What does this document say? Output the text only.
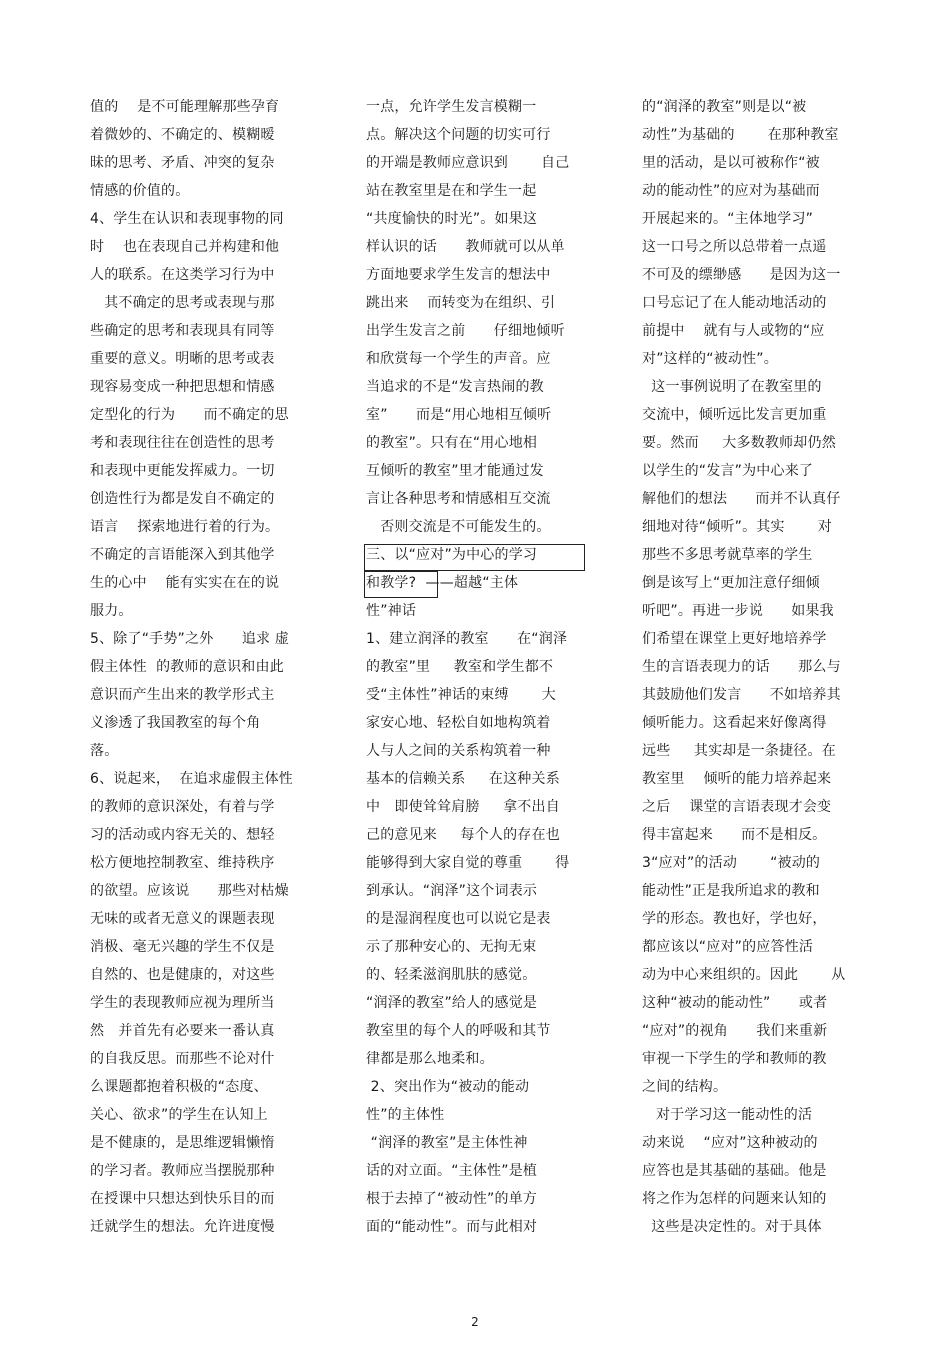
值的　 是不可能理解那些孕育
着微妙的、不确定的、模糊暧
昧的思考、矛盾、冲突的复杂
情感的价值的。
4、学生在认识和表现事物的同
时　 也在表现自己并构建和他
人的联系。在这类学习行为中
　其不确定的思考或表现与那
些确定的思考和表现具有同等
重要的意义。明晰的思考或表
现容易变成一种把思想和情感
定型化的行为　　而不确定的思
考和表现往往在创造性的思考
和表现中更能发挥威力。一切
创造性行为都是发自不确定的
语言　 探索地进行着的行为。
不确定的言语能深入到其他学
生的心中　 能有实实在在的说
服力。
5、除了“手势”之外　　追求 虚
假主体性  的教师的意识和由此
意识而产生出来的教学形式主
义渗透了我国教室的每个角
落。
6、说起来，  在追求虚假主体性
的教师的意识深处，有着与学
习的活动或内容无关的、想轻
松方便地控制教室、维持秩序
的欲望。应该说　　那些对枯燥
无味的或者无意义的课题表现
消极、毫无兴趣的学生不仅是
自然的、也是健康的，对这些
学生的表现教师应视为理所当
然　并首先有必要来一番认真
的自我反思。而那些不论对什
么课题都抱着积极的“态度、
关心、欲求”的学生在认知上
是不健康的，是思维逻辑懒惰
的学习者。教师应当摆脱那种
在授课中只想达到快乐目的而
迁就学生的想法。允许进度慢
一点，允许学生发言模糊一
点。解决这个问题的切实可行
的开端是教师应意识到　　 自己
站在教室里是在和学生一起
“共度愉快的时光”。如果这
样认识的话　　教师就可以从单
方面地要求学生发言的想法中
跳出来　 而转变为在组织、引
出学生发言之前　　仔细地倾听
和欣赏每一个学生的声音。应
当追求的不是“发言热闹的教
室”　　而是“用心地相互倾听
的教室”。只有在“用心地相
互倾听的教室”里才能通过发
言让各种思考和情感相互交流
　否则交流是不可能发生的。
三、以“应对”为中心的学习
和教学?  ——超越“主体
性”神话
1、建立润泽的教室　　在“润泽
的教室”里　  教室和学生都不
受“主体性”神话的束缚　　 大
家安心地、轻松自如地构筑着
人与人之间的关系构筑着一种
基本的信赖关系　  在这种关系
中　即使耸耸肩膀　  拿不出自
己的意见来　  每个人的存在也
能够得到大家自觉的尊重　　 得
到承认。“润泽”这个词表示
的是湿润程度也可以说它是表
示了那种安心的、无拘无束
的、轻柔滋润肌肤的感觉。
“润泽的教室”给人的感觉是
教室里的每个人的呼吸和其节
律都是那么地柔和。
2、突出作为“被动的能动
性”的主体性
“润泽的教室”是主体性神
话的对立面。“主体性”是植
根于去掉了“被动性”的单方
面的“能动性”。而与此相对
的“润泽的教室”则是以“被
动性”为基础的　　 在那种教室
里的活动，是以可被称作“被
动的能动性”的应对为基础而
开展起来的。“主体地学习”
这一口号之所以总带着一点遥
不可及的缥缈感　   是因为这一
口号忘记了在人能动地活动的
前提中　 就有与人或物的“应
对”这样的“被动性”。
这一事例说明了在教室里的
交流中，倾听远比发言更加重
要。然而　  大多数教师却仍然
以学生的“发言”为中心来了
解他们的想法　   而并不认真仔
细地对待“倾听”。其实　　 对
那些不多思考就草率的学生
倒是该写上“更加注意仔细倾
听吧”。再进一步说　   如果我
们希望在课堂上更好地培养学
生的言语表现力的话　　那么与
其鼓励他们发言　　不如培养其
倾听能力。这看起来好像离得
远些　  其实却是一条捷径。在
教室里　 倾听的能力培养起来
之后　 课堂的言语表现才会变
得丰富起来　   而不是相反。
3“应对”的活动　　 “被动的
能动性”正是我所追求的教和
学的形态。教也好，学也好，
都应该以“应对”的应答性活
动为中心来组织的。因此　　 从
这种“被动的能动性”　　或者
“应对”的视角　　我们来重新
审视一下学生的学和教师的教
之间的结构。
对于学习这一能动性的活
动来说　 “应对”这种被动的
应答也是其基础的基础。他是
将之作为怎样的问题来认知的
这些是决定性的。对于具体
2
